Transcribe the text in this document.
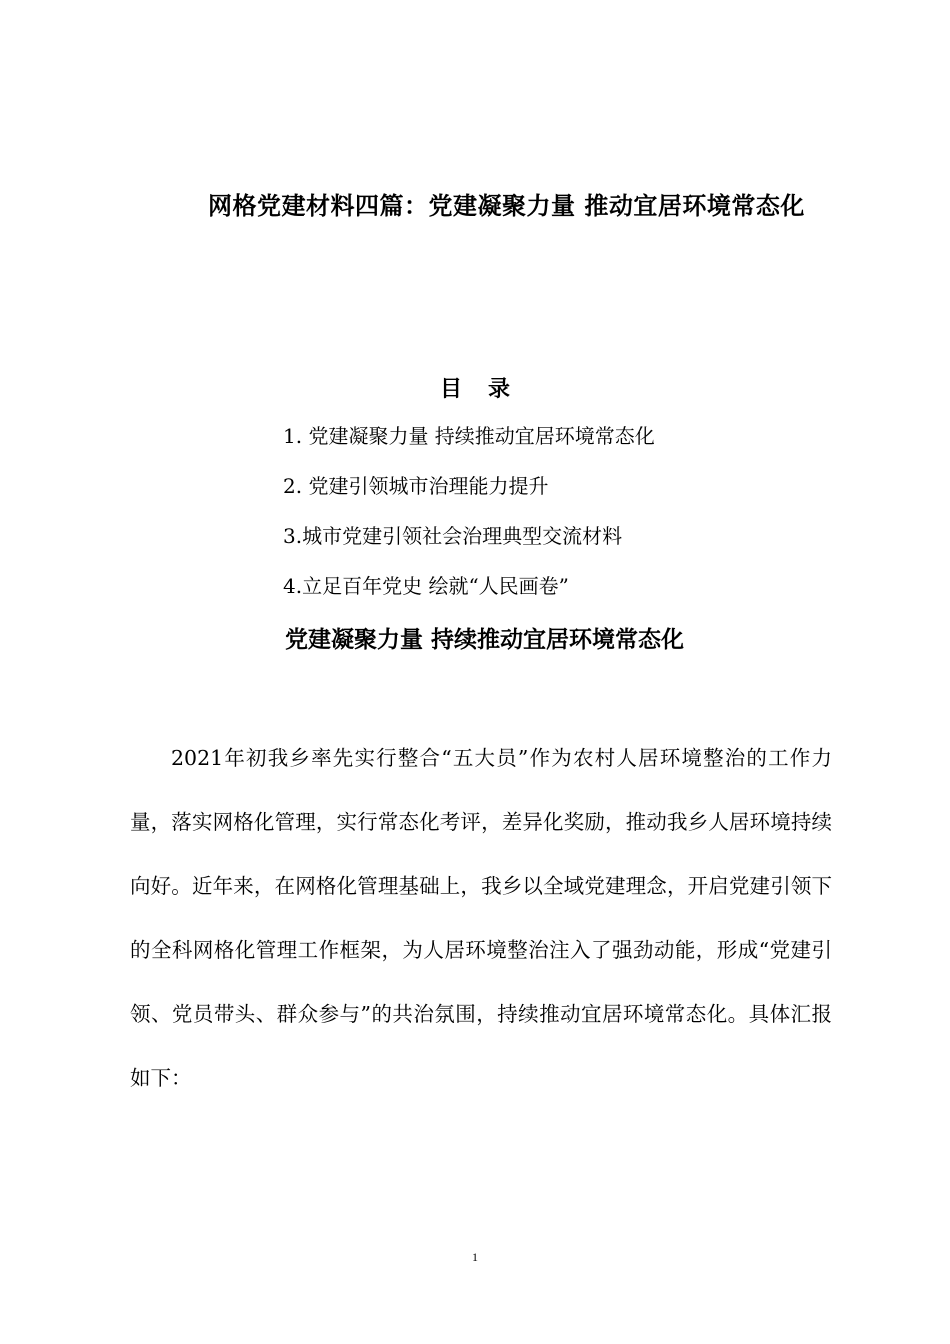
网格党建材料四篇：党建凝聚力量 推动宜居环境常态化
目录
1. 党建凝聚力量 持续推动宜居环境常态化
2. 党建引领城市治理能力提升
3.城市党建引领社会治理典型交流材料
4.立足百年党史 绘就“人民画卷”
党建凝聚力量 持续推动宜居环境常态化

2021年初我乡率先实行整合“五大员”作为农村人居环境整治的工作力量，落实网格化管理，实行常态化考评，差异化奖励，推动我乡人居环境持续向好。近年来，在网格化管理基础上，我乡以全域党建理念，开启党建引领下的全科网格化管理工作框架，为人居环境整治注入了强劲动能，形成“党建引领、党员带头、群众参与”的共治氛围，持续推动宜居环境常态化。具体汇报如下：

1
